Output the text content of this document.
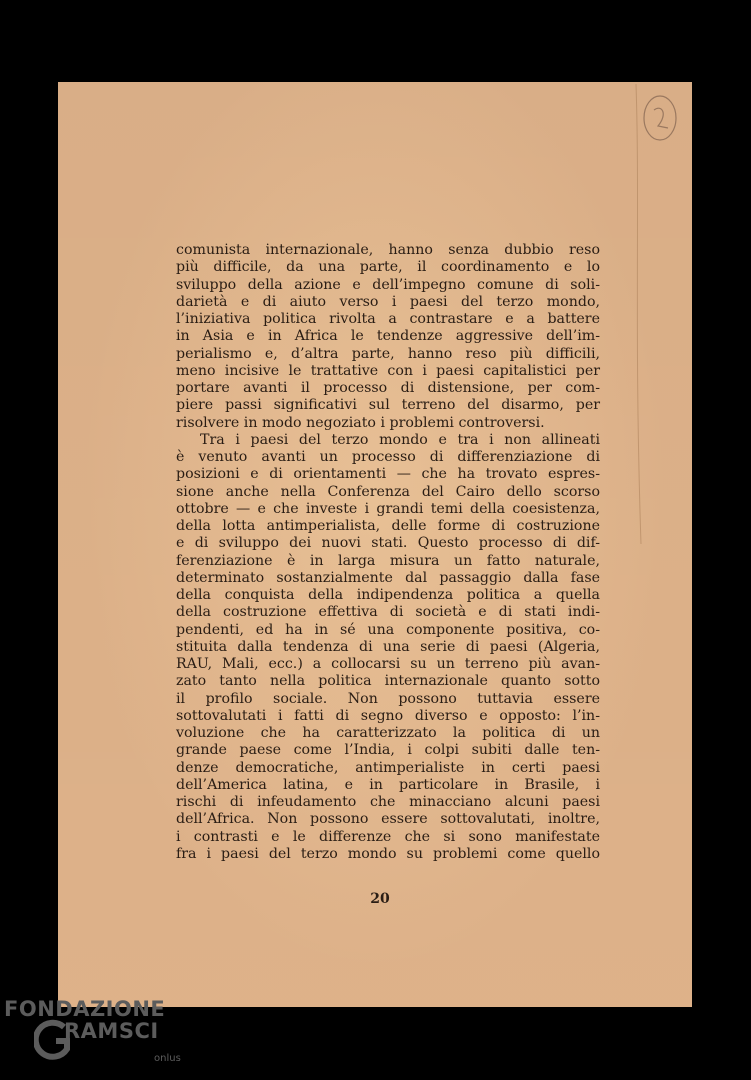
comunista internazionale, hanno senza dubbio reso
più difficile, da una parte, il coordinamento e lo
sviluppo della azione e dell’impegno comune di soli-
darietà e di aiuto verso i paesi del terzo mondo,
l’iniziativa politica rivolta a contrastare e a battere
in Asia e in Africa le tendenze aggressive dell’im-
perialismo e, d’altra parte, hanno reso più difficili,
meno incisive le trattative con i paesi capitalistici per
portare avanti il processo di distensione, per com-
piere passi significativi sul terreno del disarmo, per
risolvere in modo negoziato i problemi controversi.
Tra i paesi del terzo mondo e tra i non allineati
è venuto avanti un processo di differenziazione di
posizioni e di orientamenti — che ha trovato espres-
sione anche nella Conferenza del Cairo dello scorso
ottobre — e che investe i grandi temi della coesistenza,
della lotta antimperialista, delle forme di costruzione
e di sviluppo dei nuovi stati. Questo processo di dif-
ferenziazione è in larga misura un fatto naturale,
determinato sostanzialmente dal passaggio dalla fase
della conquista della indipendenza politica a quella
della costruzione effettiva di società e di stati indi-
pendenti, ed ha in sé una componente positiva, co-
stituita dalla tendenza di una serie di paesi (Algeria,
RAU, Mali, ecc.) a collocarsi su un terreno più avan-
zato tanto nella politica internazionale quanto sotto
il profilo sociale. Non possono tuttavia essere
sottovalutati i fatti di segno diverso e opposto: l’in-
voluzione che ha caratterizzato la politica di un
grande paese come l’India, i colpi subiti dalle ten-
denze democratiche, antimperialiste in certi paesi
dell’America latina, e in particolare in Brasile, i
rischi di infeudamento che minacciano alcuni paesi
dell’Africa. Non possono essere sottovalutati, inoltre,
i contrasti e le differenze che si sono manifestate
fra i paesi del terzo mondo su problemi come quello
20
FONDAZIONE
RAMSCI
onlus
